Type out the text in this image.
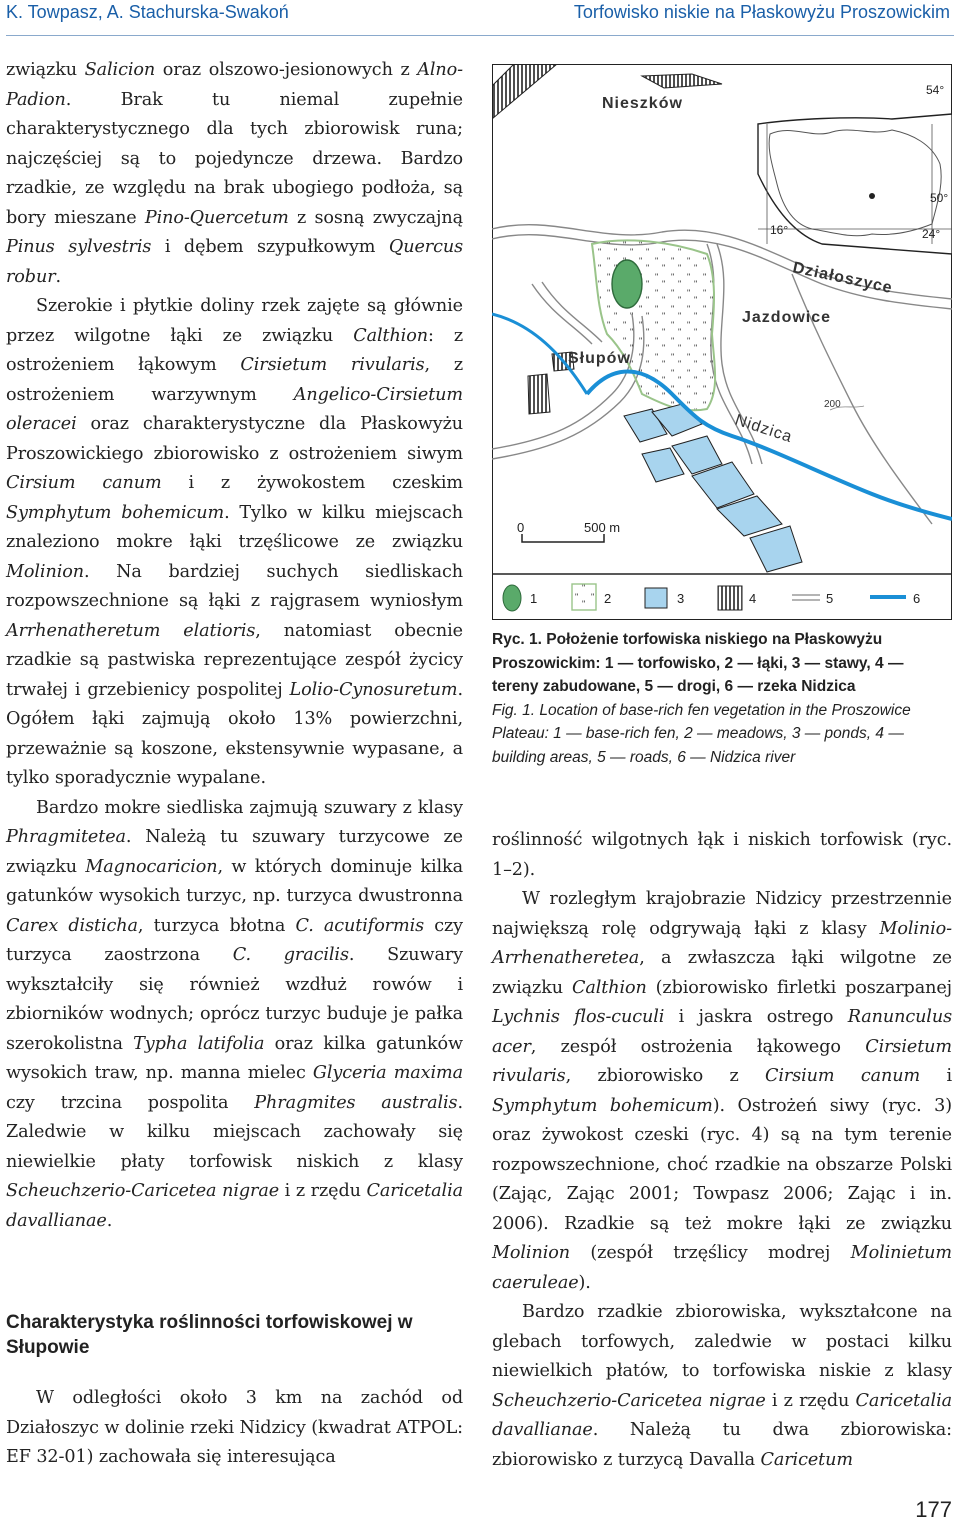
K. Towpasz, A. Stachurska-Swakoń	Torfowisko niskie na Płaskowyżu Proszowickim

związku Salicion oraz olszowo-jesionowych z Alno-Padion. Brak tu niemal zupełnie charakterystycznego dla tych zbiorowisk runa; najczęściej są to pojedyncze drzewa. Bardzo rzadkie, ze względu na brak ubogiego podłoża, są bory mieszane Pino-Quercetum z sosną zwyczajną Pinus sylvestris i dębem szypułkowym Quercus robur.

Szerokie i płytkie doliny rzek zajęte są głównie przez wilgotne łąki ze związku Calthion: z ostrożeniem łąkowym Cirsietum rivularis, z ostrożeniem warzywnym Angelico-Cirsietum oleracei oraz charakterystyczne dla Płaskowyżu Proszowickiego zbiorowisko z ostrożeniem siwym Cirsium canum i z żywokostem czeskim Symphytum bohemicum. Tylko w kilku miejscach znaleziono mokre łąki trzęślicowe ze związku Molinion. Na bardziej suchych siedliskach rozpowszechnione są łąki z rajgrasem wyniosłym Arrhenatheretum elatioris, natomiast obecnie rzadkie są pastwiska reprezentujące zespół życicy trwałej i grzebienicy pospolitej Lolio-Cynosuretum. Ogółem łąki zajmują około 13% powierzchni, przeważnie są koszone, ekstensywnie wypasane, a tylko sporadycznie wypalane.

Bardzo mokre siedliska zajmują szuwary z klasy Phragmitetea. Należą tu szuwary turzycowe ze związku Magnocaricion, w których dominuje kilka gatunków wysokich turzyc, np. turzyca dwustronna Carex disticha, turzyca błotna C. acutiformis czy turzyca zaostrzona C. gracilis. Szuwary wykształciły się również wzdłuż rowów i zbiorników wodnych; oprócz turzyc buduje je pałka szerokolistna Typha latifolia oraz kilka gatunków wysokich traw, np. manna mielec Glyceria maxima czy trzcina pospolita Phragmites australis. Zaledwie w kilku miejscach zachowały się niewielkie płaty torfowisk niskich z klasy Scheuchzerio-Caricetea nigrae i z rzędu Caricetalia davallianae.

Charakterystyka roślinności torfowiskowej w Słupowie

W odległości około 3 km na zachód od Działoszyc w dolinie rzeki Nidzicy (kwadrat ATPOL: EF 32-01) zachowała się interesująca

54°
50°
16°	24°
200
Nieszków
Jazdowice
Słupów
Działoszyce
Nidzica
0	500 m
1	2	3	4	5	6

Ryc. 1. Położenie torfowiska niskiego na Płaskowyżu Proszowickim: 1 — torfowisko, 2 — łąki, 3 — stawy, 4 — tereny zabudowane, 5 — drogi, 6 — rzeka Nidzica

Fig. 1. Location of base-rich fen vegetation in the Proszowice Plateau: 1 — base-rich fen, 2 — meadows, 3 — ponds, 4 — building areas, 5 — roads, 6 — Nidzica river

roślinność wilgotnych łąk i niskich torfowisk (ryc. 1–2).

W rozległym krajobrazie Nidzicy przestrzennie największą rolę odgrywają łąki z klasy Molinio-Arrhenatheretea, a zwłaszcza łąki wilgotne ze związku Calthion (zbiorowisko firletki poszarpanej Lychnis flos-cuculi i jaskra ostrego Ranunculus acer, zespół ostrożenia łąkowego Cirsietum rivularis, zbiorowisko z Cirsium canum i Symphytum bohemicum). Ostrożeń siwy (ryc. 3) oraz żywokost czeski (ryc. 4) są na tym terenie rozpowszechnione, choć rzadkie na obszarze Polski (Zając, Zając 2001; Towpasz 2006; Zając i in. 2006). Rzadkie są też mokre łąki ze związku Molinion (zespół trzęślicy modrej Molinietum caeruleae).

Bardzo rzadkie zbiorowiska, wykształcone na glebach torfowych, zaledwie w postaci kilku niewielkich płatów, to torfowiska niskie z klasy Scheuchzerio-Caricetea nigrae i z rzędu Caricetalia davallianae. Należą tu dwa zbiorowiska: zbiorowisko z turzycą Davalla Caricetum

177
